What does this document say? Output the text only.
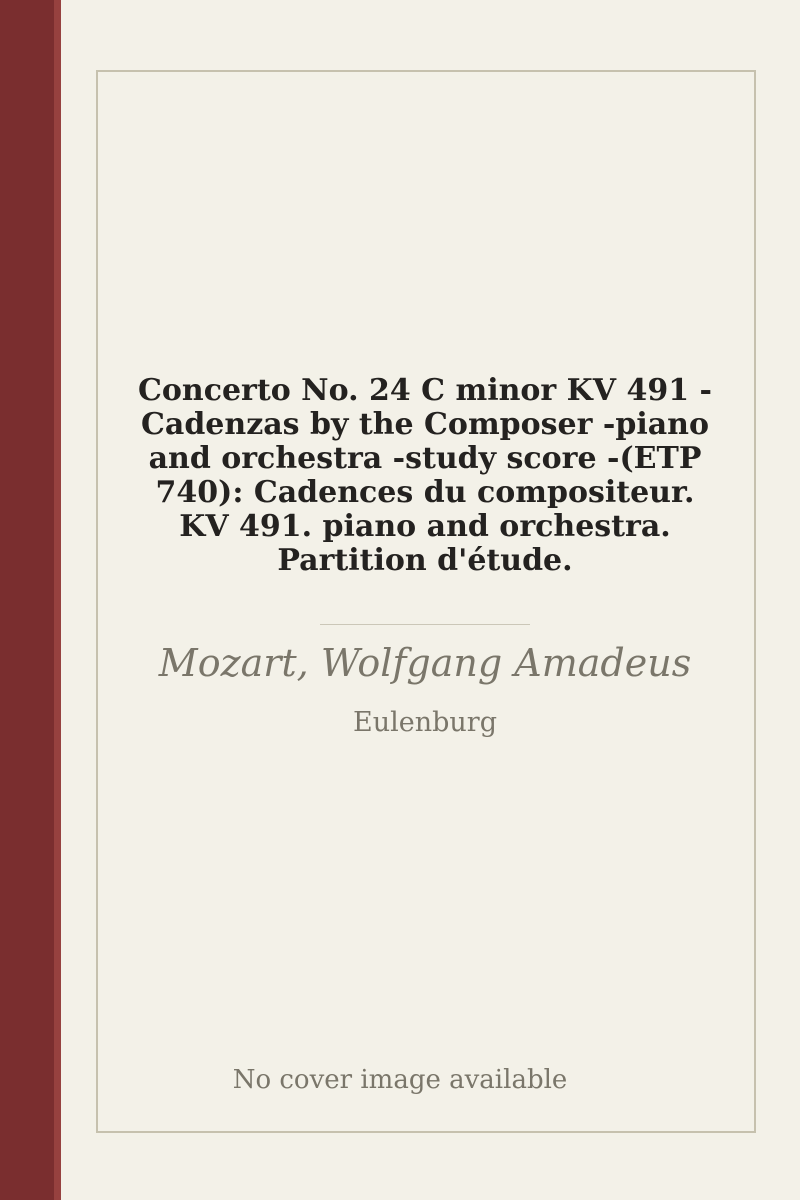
Concerto No. 24 C minor KV 491 -Cadenzas by the Composer -piano and orchestra -study score -(ETP 740): Cadences du compositeur. KV 491. piano and orchestra. Partition d'étude.
Mozart, Wolfgang Amadeus
Eulenburg
No cover image available
